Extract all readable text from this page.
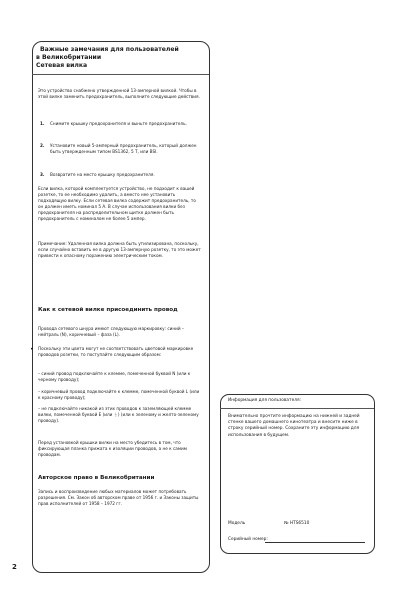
Важные замечания для пользователей
в Великобритании
Сетевая вилка

Это устройство снабжено утвержденной 13-амперной вилкой. Чтобы в этой вилке заменить предохранитель, выполните следующие действия.

1. Снимите крышку предохранителя и выньте предохранитель.
2. Установите новый 5-амперный предохранитель, который должен быть утвержденным типом BS1362, 5 Т, или BSI.
3. Возвратите на место крышку предохранителя.

Если вилка, которой комплектуется устройство, не подходит к вашей розетке, то ее необходимо удалить, а вместо нее установить подходящую вилку. Если сетевая вилка содержит предохранитель, то он должен иметь номинал 5 А. В случае использования вилки без предохранителя на распределительном щитке должен быть предохранитель с номиналом не более 5 ампер.

Примечание: Удаленная вилка должна быть утилизирована, поскольку, если случайно вставить ее в другую 13-амперную розетку, то это может привести к опасному поражению электрическим током.

Как к сетевой вилке присоединить провод

Провода сетевого шнура имеют следующую маркировку: синий – нейтраль (N), коричневый – фаза (L).

• Поскольку эти цвета могут не соответствовать цветовой маркировке проводов розетки, то поступайте следующим образом:

– синий провод подключайте к клемме, помеченной буквой N (или к черному проводу);

– коричневый провод подключайте к клемме, помеченной буквой L (или к красному проводу);

– не подключайте никакой из этих проводов к заземляющей клемме вилки, помеченной буквой E (или ⏚) (или к зеленому и желто-зеленому проводу).

Перед установкой крышки вилки на место убедитесь в том, что фиксирующая планка прижата к изоляции проводов, а не к самим проводам.

Авторское право в Великобритании

Запись и воспроизведение любых материалов может потребовать разрешения. См. Закон об авторском праве от 1956 г. и Законы защиты прав исполнителей от 1958 – 1972 гг.

Информация для пользователя:
Внимательно прочтите информацию на нижней и задней стенке вашего домашнего кинотеатра и внесите ниже в строку серийный номер. Сохраните эту информацию для использования в будущем.
Модель	№ HTS6510
Серийный номер:
2
